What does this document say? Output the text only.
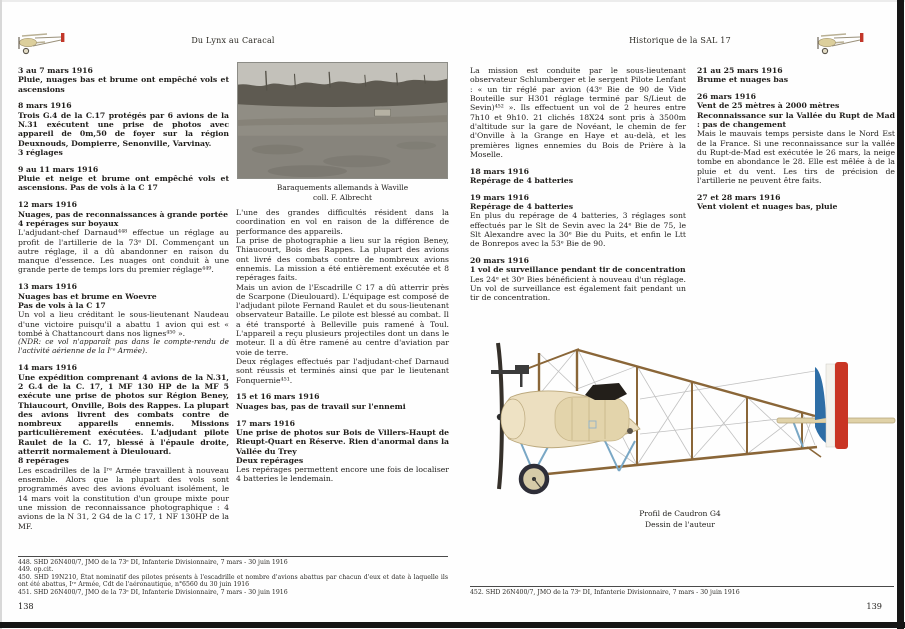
Du Lynx au Caracal	Historique de la SAL 17
3 au 7 mars 1916
Pluie, nuages bas et brume ont empêché vols et ascensions
8 mars 1916
Trois G.4 de la C.17 protégés par 6 avions de la N.31 exécutent une prise de photos avec appareil de 0m,50 de foyer sur la région Deuxnouds, Dompierre, Senonville, Varvinay.
3 réglages
9 au 11 mars 1916
Pluie et neige et brume ont empêché vols et ascensions. Pas de vols à la C 17
12 mars 1916
Nuages, pas de reconnaissances à grande portée
4 repérages sur boyaux
L'adjudant-chef Darnaud⁴⁴⁸ effectue un réglage au profit de l'artillerie de la 73ᵉ DI. Commençant un autre réglage, il a dû abandonner en raison du manque d'essence. Les nuages ont conduit à une grande perte de temps lors du premier réglage⁴⁴⁹.
13 mars 1916
Nuages bas et brume en Woevre
Pas de vols à la C 17
Un vol a lieu créditant le sous-lieutenant Naudeau d'une victoire puisqu'il a abattu 1 avion qui est « tombé à Chattancourt dans nos lignes⁴⁵⁰ ».
(NDR: ce vol n'apparaît pas dans le compte-rendu de l'activité aérienne de la Iʳᵉ Armée).
14 mars 1916
Une expédition comprenant 4 avions de la N.31, 2 G.4 de la C. 17, 1 MF 130 HP de la MF 5 exécute une prise de photos sur Région Beney, Thiaucourt, Onville, Bois des Rappes. La plupart des avions livrent des combats contre de nombreux appareils ennemis. Missions particulièrement exécutées. L'adjudant pilote Raulet de la C. 17, blessé à l'épaule droite, atterrit normalement à Dieulouard.
8 repérages
Les escadrilles de la Iʳᵉ Armée travaillent à nouveau ensemble. Alors que la plupart des vols sont programmés avec des avions évoluant isolément, le 14 mars voit la constitution d'un groupe mixte pour une mission de reconnaissance photographique : 4 avions de la N 31, 2 G4 de la C 17, 1 NF 130HP de la MF.
Baraquements allemands à Waville
coll. F. Albrecht
L'une des grandes difficultés résident dans la coordination en vol en raison de la différence de performance des appareils.
La prise de photographie a lieu sur la région Beney, Thiaucourt, Bois des Rappes. La plupart des avions ont livré des combats contre de nombreux avions ennemis. La mission a été entièrement exécutée et 8 repérages faits.
Mais un avion de l'Escadrille C 17 a dû atterrir près de Scarpone (Dieulouard). L'équipage est composé de l'adjudant pilote Fernand Raulet et du sous-lieutenant observateur Bataille. Le pilote est blessé au combat. Il a été transporté à Belleville puis ramené à Toul. L'appareil a reçu plusieurs projectiles dont un dans le moteur. Il a dû être ramené au centre d'aviation par voie de terre.
Deux réglages effectués par l'adjudant-chef Darnaud sont réussis et terminés ainsi que par le lieutenant Fonquernie⁴⁵¹.
15 et 16 mars 1916
Nuages bas, pas de travail sur l'ennemi
17 mars 1916
Une prise de photos sur Bois de Villers-Haupt de Rieupt-Quart en Réserve. Rien d'anormal dans la Vallée du Trey
Deux repérages
Les repérages permettent encore une fois de localiser 4 batteries le lendemain.
448. SHD 26N400/7, JMO de la 73ᵉ DI, Infanterie Divisionnaire, 7 mars - 30 juin 1916
449. op.cit.
450. SHD 19N210, État nominatif des pilotes présents à l'escadrille et nombre d'avions abattus par chacun d'eux et date à laquelle ils ont été abattus, Iʳᵉ Armée, Cdt de l'aéronautique, n°6560 du 30 juin 1916
451. SHD 26N400/7, JMO de la 73ᵉ DI, Infanterie Divisionnaire, 7 mars - 30 juin 1916
138
La mission est conduite par le sous-lieutenant observateur Schlumberger et le sergent Pilote Lenfant : « un tir réglé par avion (43ᵉ Bie de 90 de Vide Bouteille sur H301 réglage terminé par S/Lieut de Sevin)⁴⁵² ». Ils effectuent un vol de 2 heures entre 7h10 et 9h10. 21 clichés 18X24 sont pris à 3500m d'altitude sur la gare de Novéant, le chemin de fer d'Onville à la Grange en Haye et au-delà, et les premières lignes ennemies du Bois de Prière à la Moselle.
18 mars 1916
Repérage de 4 batteries
19 mars 1916
Repérage de 4 batteries
En plus du repérage de 4 batteries, 3 réglages sont effectués par le Slt de Sevin avec la 24ᵉ Bie de 75, le Slt Alexandre avec la 30ᵉ Bie du Puits, et enfin le Ltt de Bonrepos avec la 53ᵉ Bie de 90.
20 mars 1916
1 vol de surveillance pendant tir de concentration
Les 24ᵉ et 30ᵉ Bies bénéficient à nouveau d'un réglage. Un vol de surveillance est également fait pendant un tir de concentration.
21 au 25 mars 1916
Brume et nuages bas
26 mars 1916
Vent de 25 mètres à 2000 mètres
Reconnaissance sur la Vallée du Rupt de Mad : pas de changement
Mais le mauvais temps persiste dans le Nord Est de la France. Si une reconnaissance sur la vallée du Rupt-de-Mad est exécutée le 26 mars, la neige tombe en abondance le 28. Elle est mêlée à de la pluie et du vent. Les tirs de précision de l'artillerie ne peuvent être faits.
27 et 28 mars 1916
Vent violent et nuages bas, pluie
Profil de Caudron G4
Dessin de l'auteur
452. SHD 26N400/7, JMO de la 73ᵉ DI, Infanterie Divisionnaire, 7 mars - 30 juin 1916
139
